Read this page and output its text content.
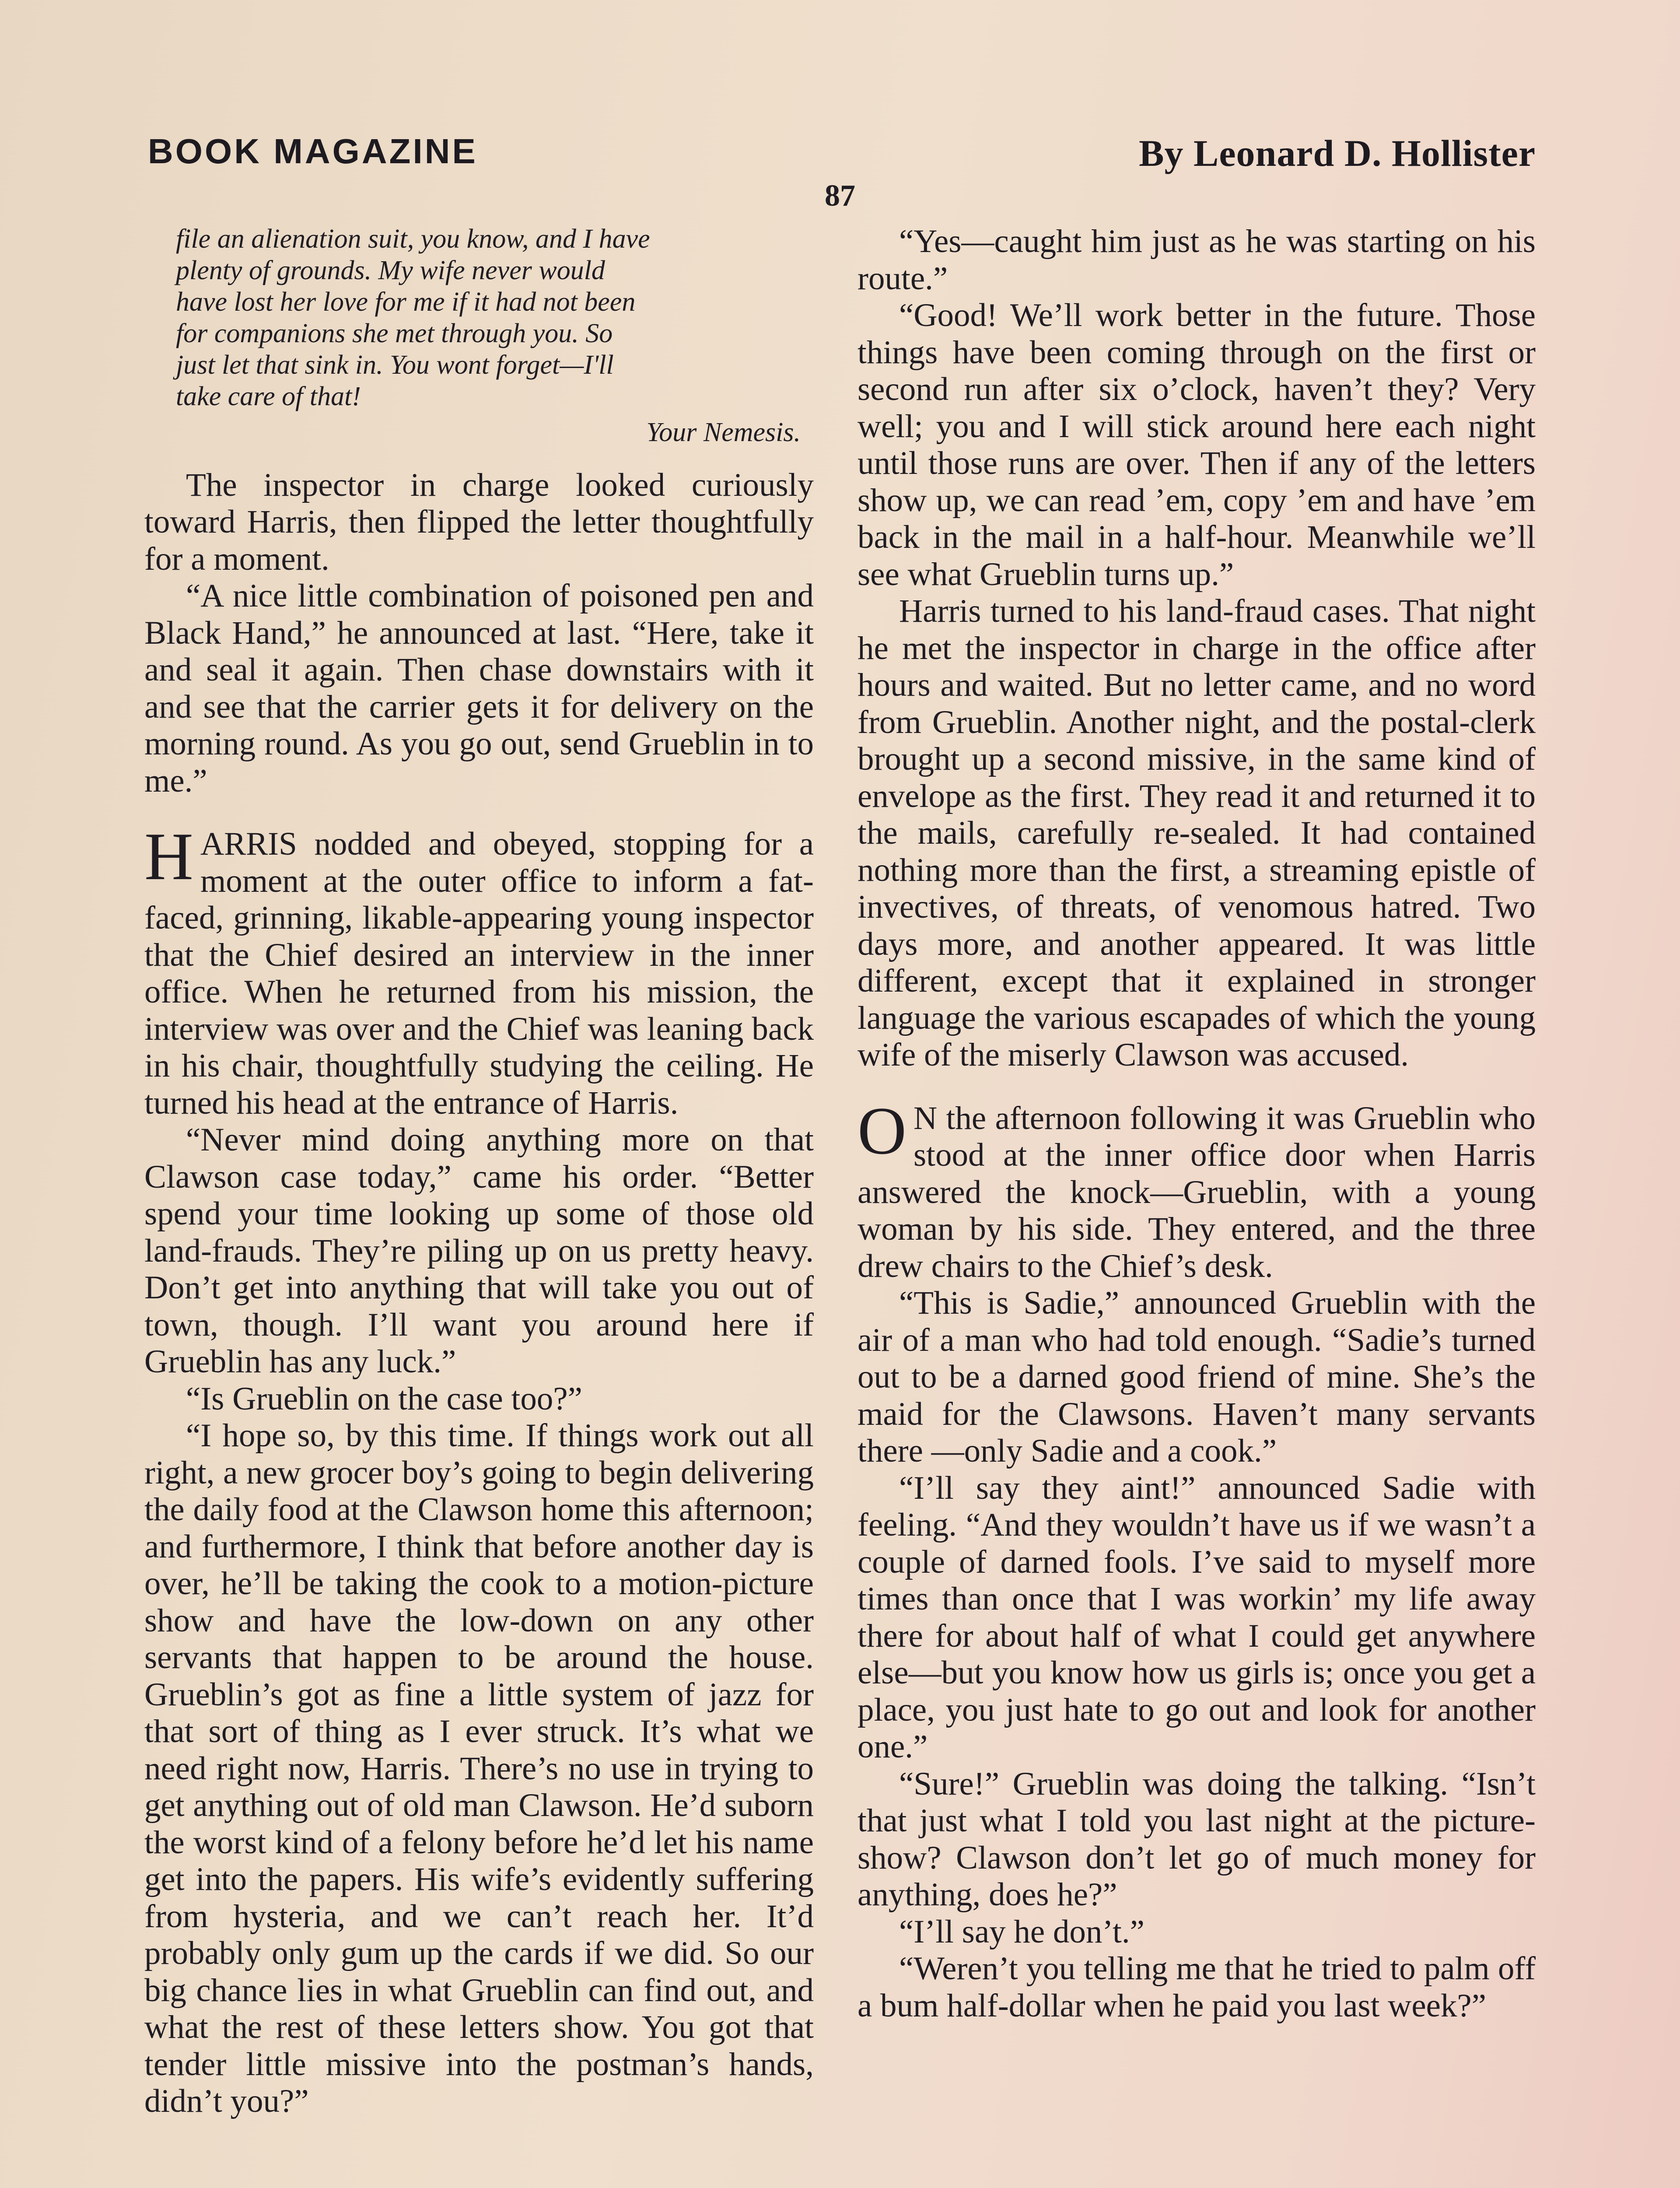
BOOK MAGAZINE	By Leonard D. Hollister
87

file an alienation suit, you know, and I have

plenty of grounds. My wife never would

have lost her love for me if it had not been

for companions she met through you. So

just let that sink in. You wont forget—I'll

take care of that!

Your Nemesis.

The inspector in charge looked curiously toward Harris, then flipped the letter thoughtfully for a moment.

“A nice little combination of poisoned pen and Black Hand,” he announced at last. “Here, take it and seal it again. Then chase downstairs with it and see that the carrier gets it for delivery on the morning round. As you go out, send Grueblin in to me.”

HARRIS nodded and obeyed, stopping for a moment at the outer office to inform a fat-faced, grinning, likable-appearing young inspector that the Chief desired an interview in the inner office. When he returned from his mission, the interview was over and the Chief was leaning back in his chair, thoughtfully studying the ceiling. He turned his head at the entrance of Harris.

“Never mind doing anything more on that Clawson case today,” came his order. “Better spend your time looking up some of those old land-frauds. They’re piling up on us pretty heavy. Don’t get into anything that will take you out of town, though. I’ll want you around here if Grueblin has any luck.”

“Is Grueblin on the case too?”

“I hope so, by this time. If things work out all right, a new grocer boy’s going to begin delivering the daily food at the Clawson home this afternoon; and furthermore, I think that before another day is over, he’ll be taking the cook to a motion-picture show and have the low-down on any other servants that happen to be around the house. Grueblin’s got as fine a little system of jazz for that sort of thing as I ever struck. It’s what we need right now, Harris. There’s no use in trying to get anything out of old man Clawson. He’d suborn the worst kind of a felony before he’d let his name get into the papers. His wife’s evidently suffering from hysteria, and we can’t reach her. It’d probably only gum up the cards if we did. So our big chance lies in what Grueblin can find out, and what the rest of these letters show. You got that tender little missive into the postman’s hands, didn’t you?”

“Yes—caught him just as he was starting on his route.”

“Good! We’ll work better in the future. Those things have been coming through on the first or second run after six o’clock, haven’t they? Very well; you and I will stick around here each night until those runs are over. Then if any of the letters show up, we can read ’em, copy ’em and have ’em back in the mail in a half-hour. Meanwhile we’ll see what Grueblin turns up.”

Harris turned to his land-fraud cases. That night he met the inspector in charge in the office after hours and waited. But no letter came, and no word from Grueblin. Another night, and the postal-clerk brought up a second missive, in the same kind of envelope as the first. They read it and returned it to the mails, carefully re-sealed. It had contained nothing more than the first, a streaming epistle of invectives, of threats, of venomous hatred. Two days more, and another appeared. It was little different, except that it explained in stronger language the various escapades of which the young wife of the miserly Clawson was accused.

O N the afternoon following it was Grueblin who stood at the inner office door when Harris answered the knock—Grueblin, with a young woman by his side. They entered, and the three drew chairs to the Chief’s desk.

“This is Sadie,” announced Grueblin with the air of a man who had told enough. “Sadie’s turned out to be a darned good friend of mine. She’s the maid for the Clawsons. Haven’t many servants there —only Sadie and a cook.”

“I’ll say they aint!” announced Sadie with feeling. “And they wouldn’t have us if we wasn’t a couple of darned fools. I’ve said to myself more times than once that I was workin’ my life away there for about half of what I could get anywhere else—but you know how us girls is; once you get a place, you just hate to go out and look for another one.”

“Sure!” Grueblin was doing the talking. “Isn’t that just what I told you last night at the picture-show? Clawson don’t let go of much money for anything, does he?”

“I’ll say he don’t.”

“Weren’t you telling me that he tried to palm off a bum half-dollar when he paid you last week?”
